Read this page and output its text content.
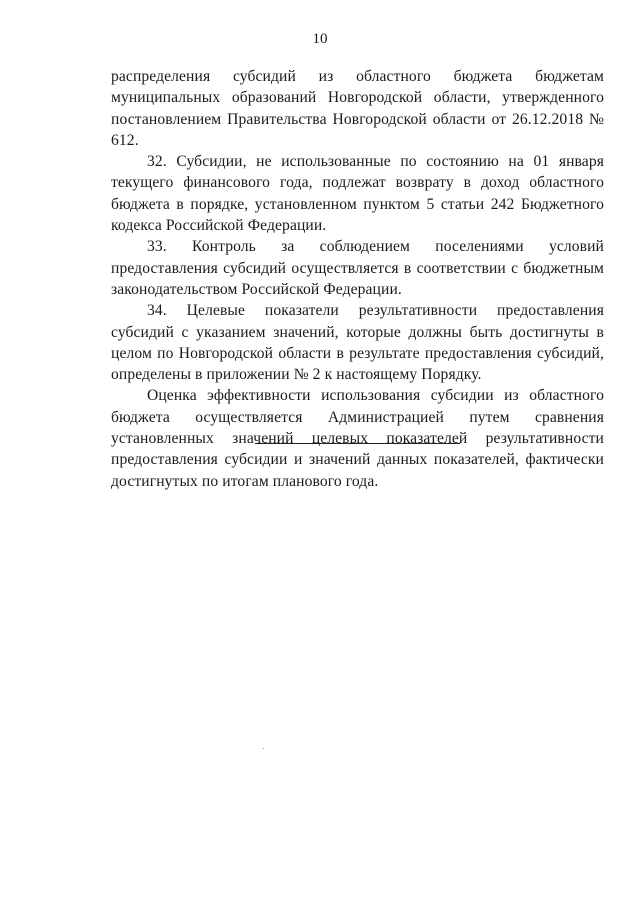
10

распределения субсидий из областного бюджета бюджетам муниципальных образований Новгородской области, утвержденного постановлением Правительства Новгородской области от 26.12.2018 № 612.

32. Субсидии, не использованные по состоянию на 01 января текущего финансового года, подлежат возврату в доход областного бюджета в порядке, установленном пунктом 5 статьи 242 Бюджетного кодекса Российской Федерации.

33. Контроль за соблюдением поселениями условий предоставления субсидий осуществляется в соответствии с бюджетным законодательством Российской Федерации.

34. Целевые показатели результативности предоставления субсидий с указанием значений, которые должны быть достигнуты в целом по Новгородской области в результате предоставления субсидий, определены в приложении № 2 к настоящему Порядку.

Оценка эффективности использования субсидии из областного бюджета осуществляется Администрацией путем сравнения установленных значений целевых показателей результативности предоставления субсидии и значений данных показателей, фактически достигнутых по итогам планового года.
